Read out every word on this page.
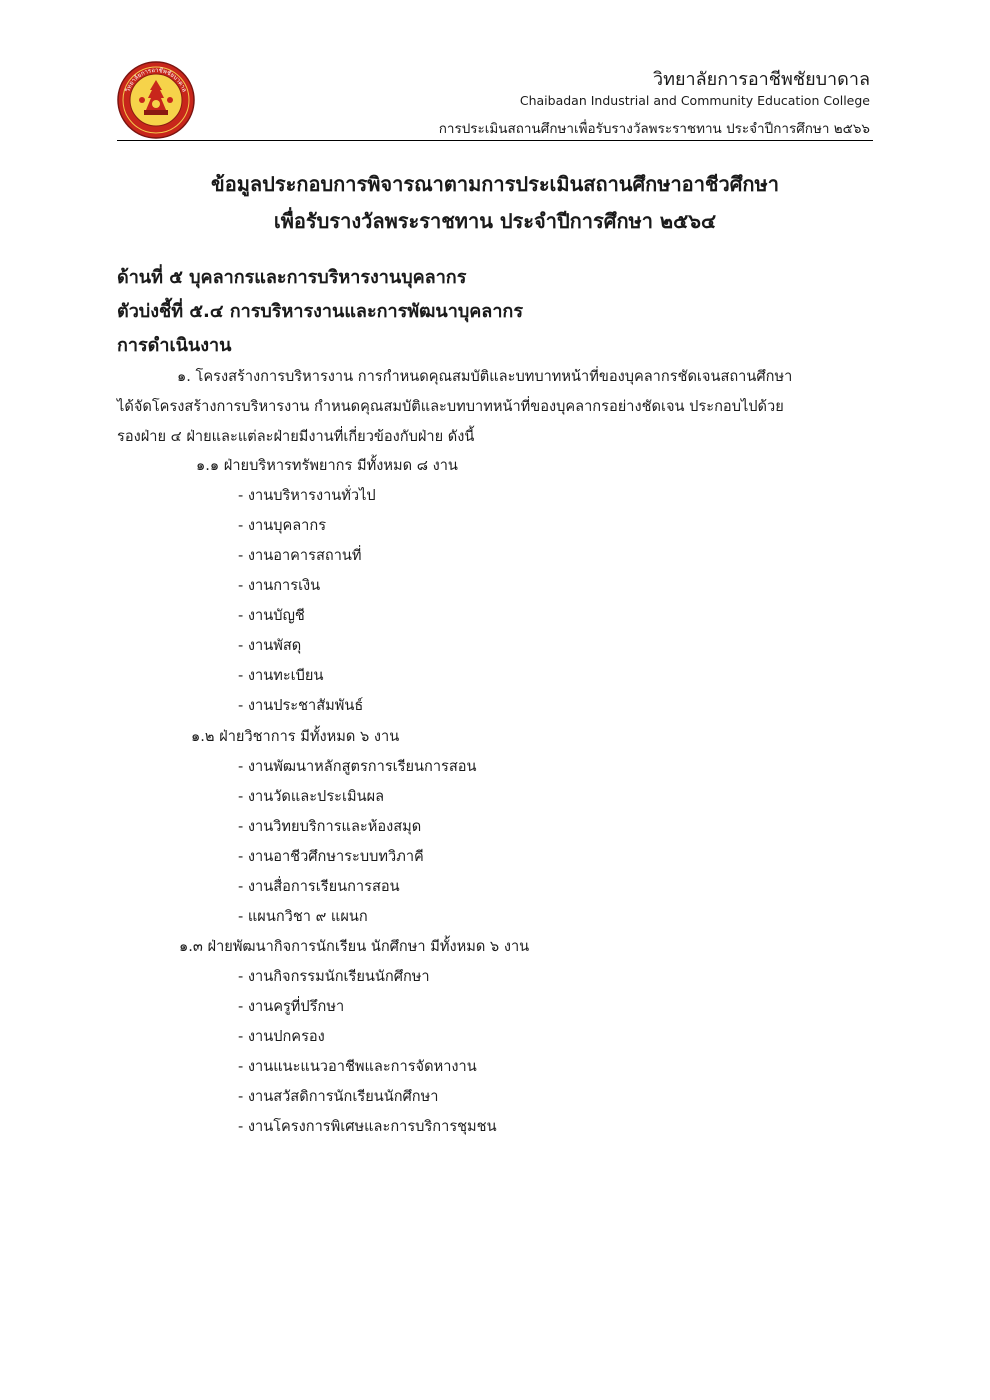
วิทยาลัยการอาชีพชัยบาดาล
วิทยาลัยการอาชีพชัยบาดาล
Chaibadan Industrial and Community Education College
การประเมินสถานศึกษาเพื่อรับรางวัลพระราชทาน ประจำปีการศึกษา ๒๕๖๖
ข้อมูลประกอบการพิจารณาตามการประเมินสถานศึกษาอาชีวศึกษา
เพื่อรับรางวัลพระราชทาน ประจำปีการศึกษา ๒๕๖๔
ด้านที่ ๕ บุคลากรและการบริหารงานบุคลากร
ตัวบ่งชี้ที่ ๕.๔ การบริหารงานและการพัฒนาบุคลากร
การดำเนินงาน
๑. โครงสร้างการบริหารงาน การกำหนดคุณสมบัติและบทบาทหน้าที่ของบุคลากรชัดเจนสถานศึกษา
ได้จัดโครงสร้างการบริหารงาน กำหนดคุณสมบัติและบทบาทหน้าที่ของบุคลากรอย่างชัดเจน ประกอบไปด้วย
รองฝ่าย ๔ ฝ่ายและแต่ละฝ่ายมีงานที่เกี่ยวข้องกับฝ่าย ดังนี้
๑.๑ ฝ่ายบริหารทรัพยากร มีทั้งหมด ๘ งาน
- งานบริหารงานทั่วไป
- งานบุคลากร
- งานอาคารสถานที่
- งานการเงิน
- งานบัญชี
- งานพัสดุ
- งานทะเบียน
- งานประชาสัมพันธ์
๑.๒ ฝ่ายวิชาการ มีทั้งหมด ๖ งาน
- งานพัฒนาหลักสูตรการเรียนการสอน
- งานวัดและประเมินผล
- งานวิทยบริการและห้องสมุด
- งานอาชีวศึกษาระบบทวิภาคี
- งานสื่อการเรียนการสอน
- แผนกวิชา ๙ แผนก
๑.๓ ฝ่ายพัฒนากิจการนักเรียน นักศึกษา มีทั้งหมด ๖ งาน
- งานกิจกรรมนักเรียนนักศึกษา
- งานครูที่ปรึกษา
- งานปกครอง
- งานแนะแนวอาชีพและการจัดหางาน
- งานสวัสดิการนักเรียนนักศึกษา
- งานโครงการพิเศษและการบริการชุมชน
